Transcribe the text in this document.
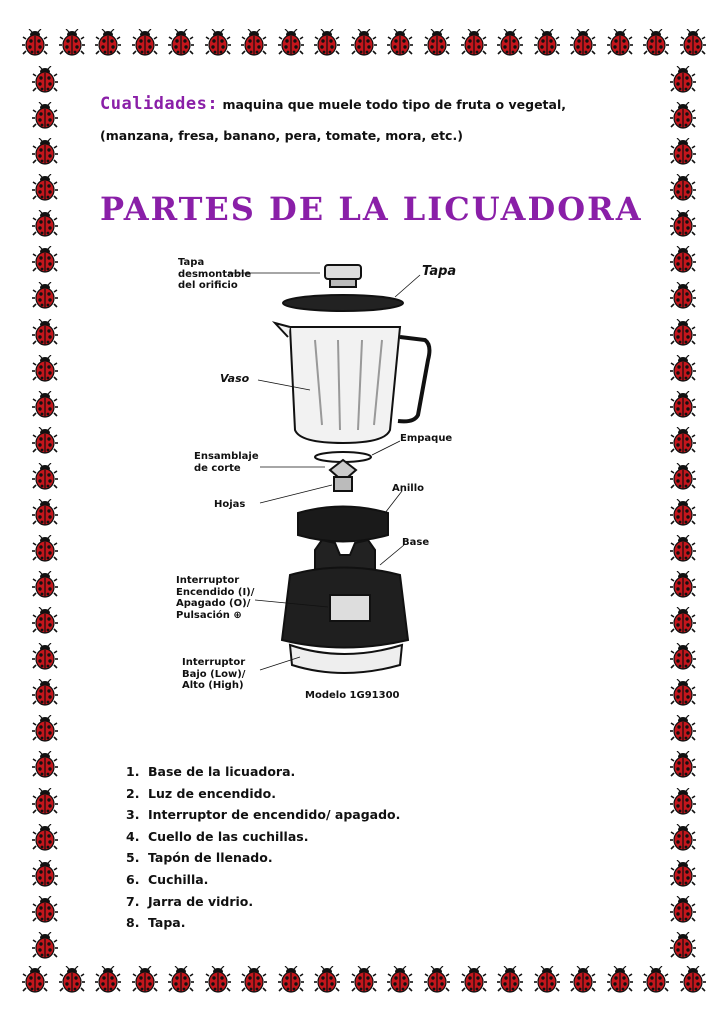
Cualidades: maquina que muele todo tipo de fruta o vegetal,
(manzana, fresa, banano, pera, tomate, mora, etc.)
PARTES DE LA LICUADORA
Tapa
desmontable
del orificio
Tapa
Vaso
Empaque
Ensamblaje
de corte
Hojas
Anillo
Base
Interruptor
Encendido (I)/
Apagado (O)/
Pulsación ⊕
Interruptor
Bajo (Low)/
Alto (High)
Modelo 1G91300
1. Base de la licuadora.
2. Luz de encendido.
3. Interruptor de encendido/ apagado.
4. Cuello de las cuchillas.
5. Tapón de llenado.
6. Cuchilla.
7. Jarra de vidrio.
8. Tapa.
